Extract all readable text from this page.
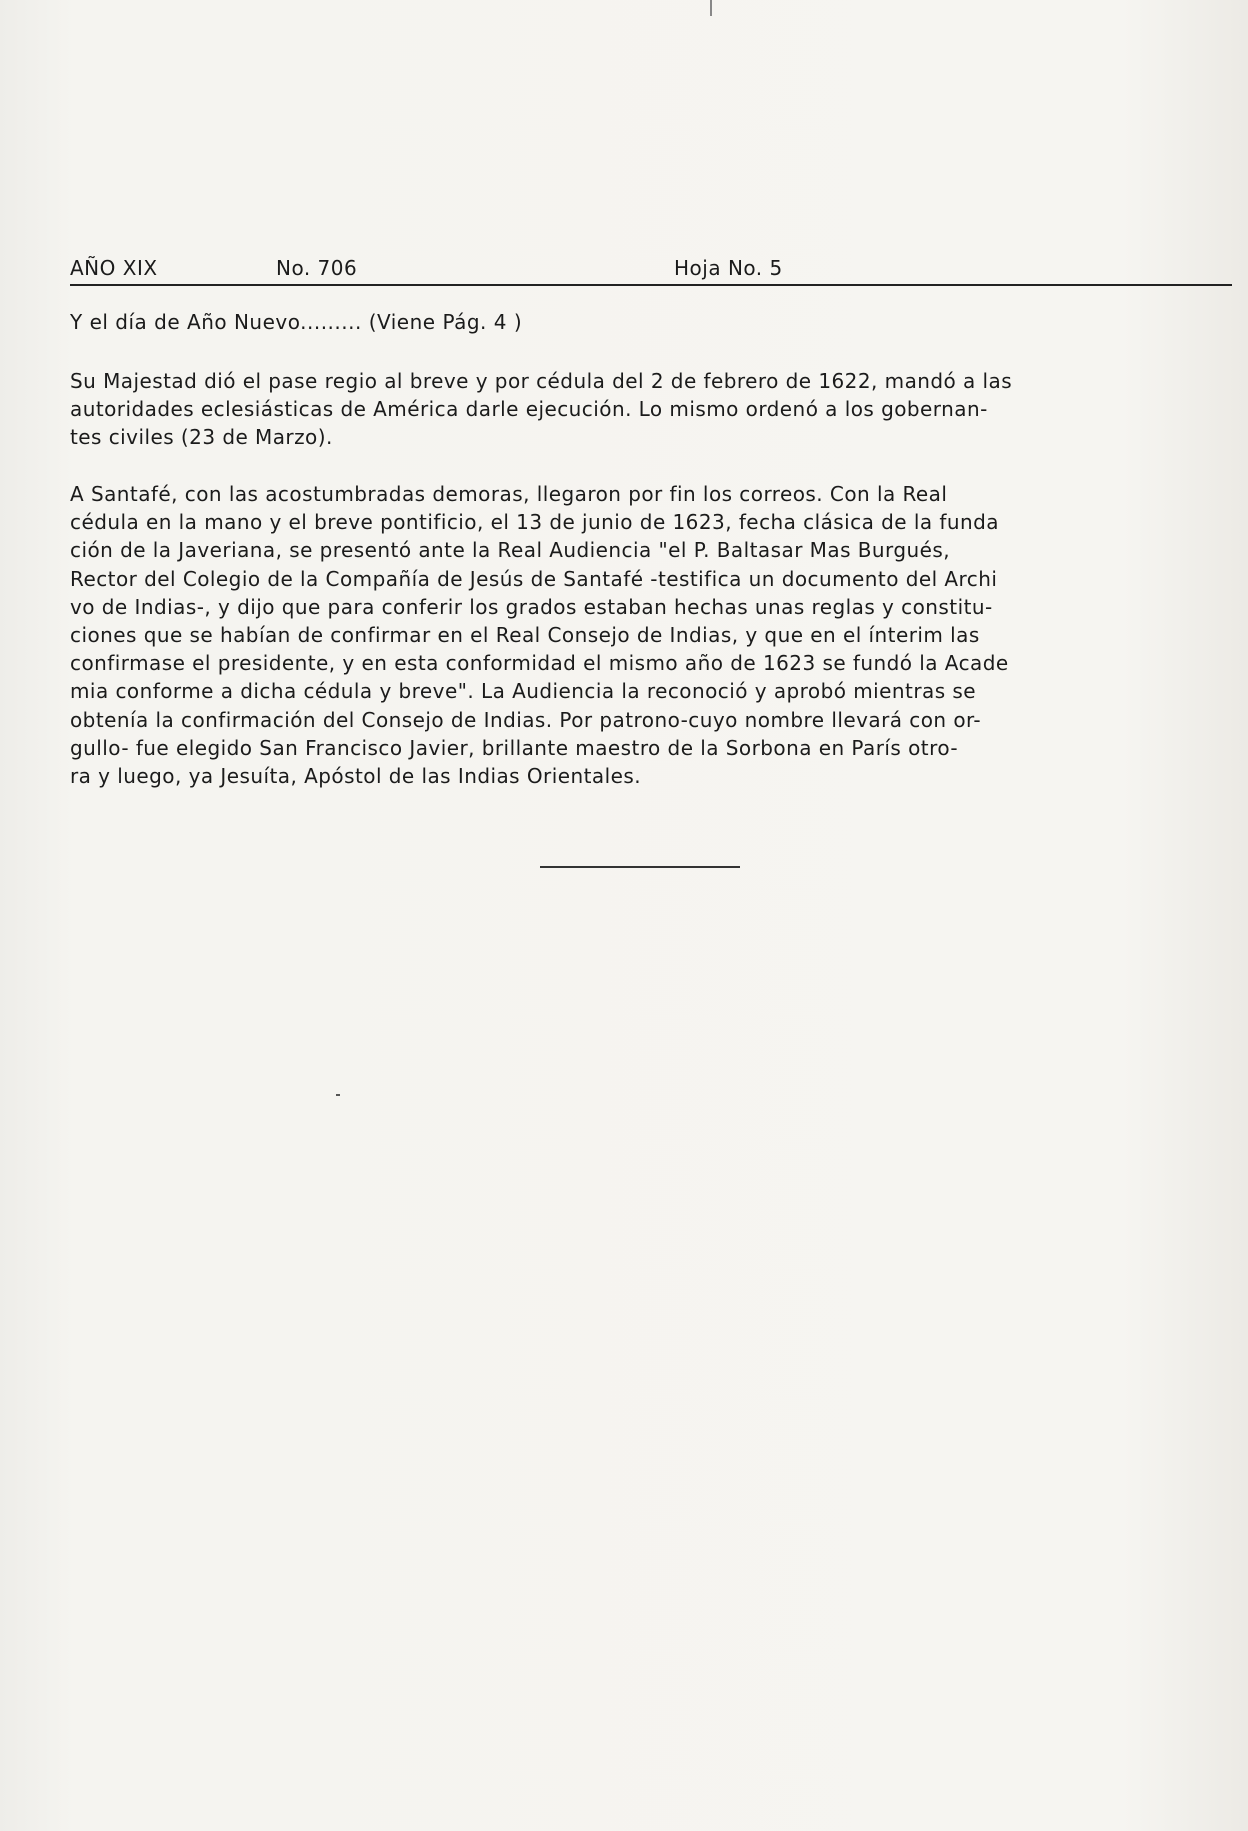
AÑO XIX	No. 706	Hoja No. 5
Y el día de Año Nuevo......... (Viene Pág. 4 )

Su Majestad dió el pase regio al breve y por cédula del 2 de febrero de 1622, mandó a las
autoridades eclesiásticas de América darle ejecución. Lo mismo ordenó a los gobernan-
tes civiles (23 de Marzo).

A Santafé, con las acostumbradas demoras, llegaron por fin los correos. Con la Real
cédula en la mano y el breve pontificio, el 13 de junio de 1623, fecha clásica de la funda
ción de la Javeriana, se presentó ante la Real Audiencia "el P. Baltasar Mas Burgués,
Rector del Colegio de la Compañía de Jesús de Santafé -testifica un documento del Archi
vo de Indias-, y dijo que para conferir los grados estaban hechas unas reglas y constitu-
ciones que se habían de confirmar en el Real Consejo de Indias, y que en el ínterim las
confirmase el presidente, y en esta conformidad el mismo año de 1623 se fundó la Acade
mia conforme a dicha cédula y breve". La Audiencia la reconoció y aprobó mientras se
obtenía la confirmación del Consejo de Indias. Por patrono-cuyo nombre llevará con or-
gullo- fue elegido San Francisco Javier, brillante maestro de la Sorbona en París otro-
ra y luego, ya Jesuíta, Apóstol de las Indias Orientales.
